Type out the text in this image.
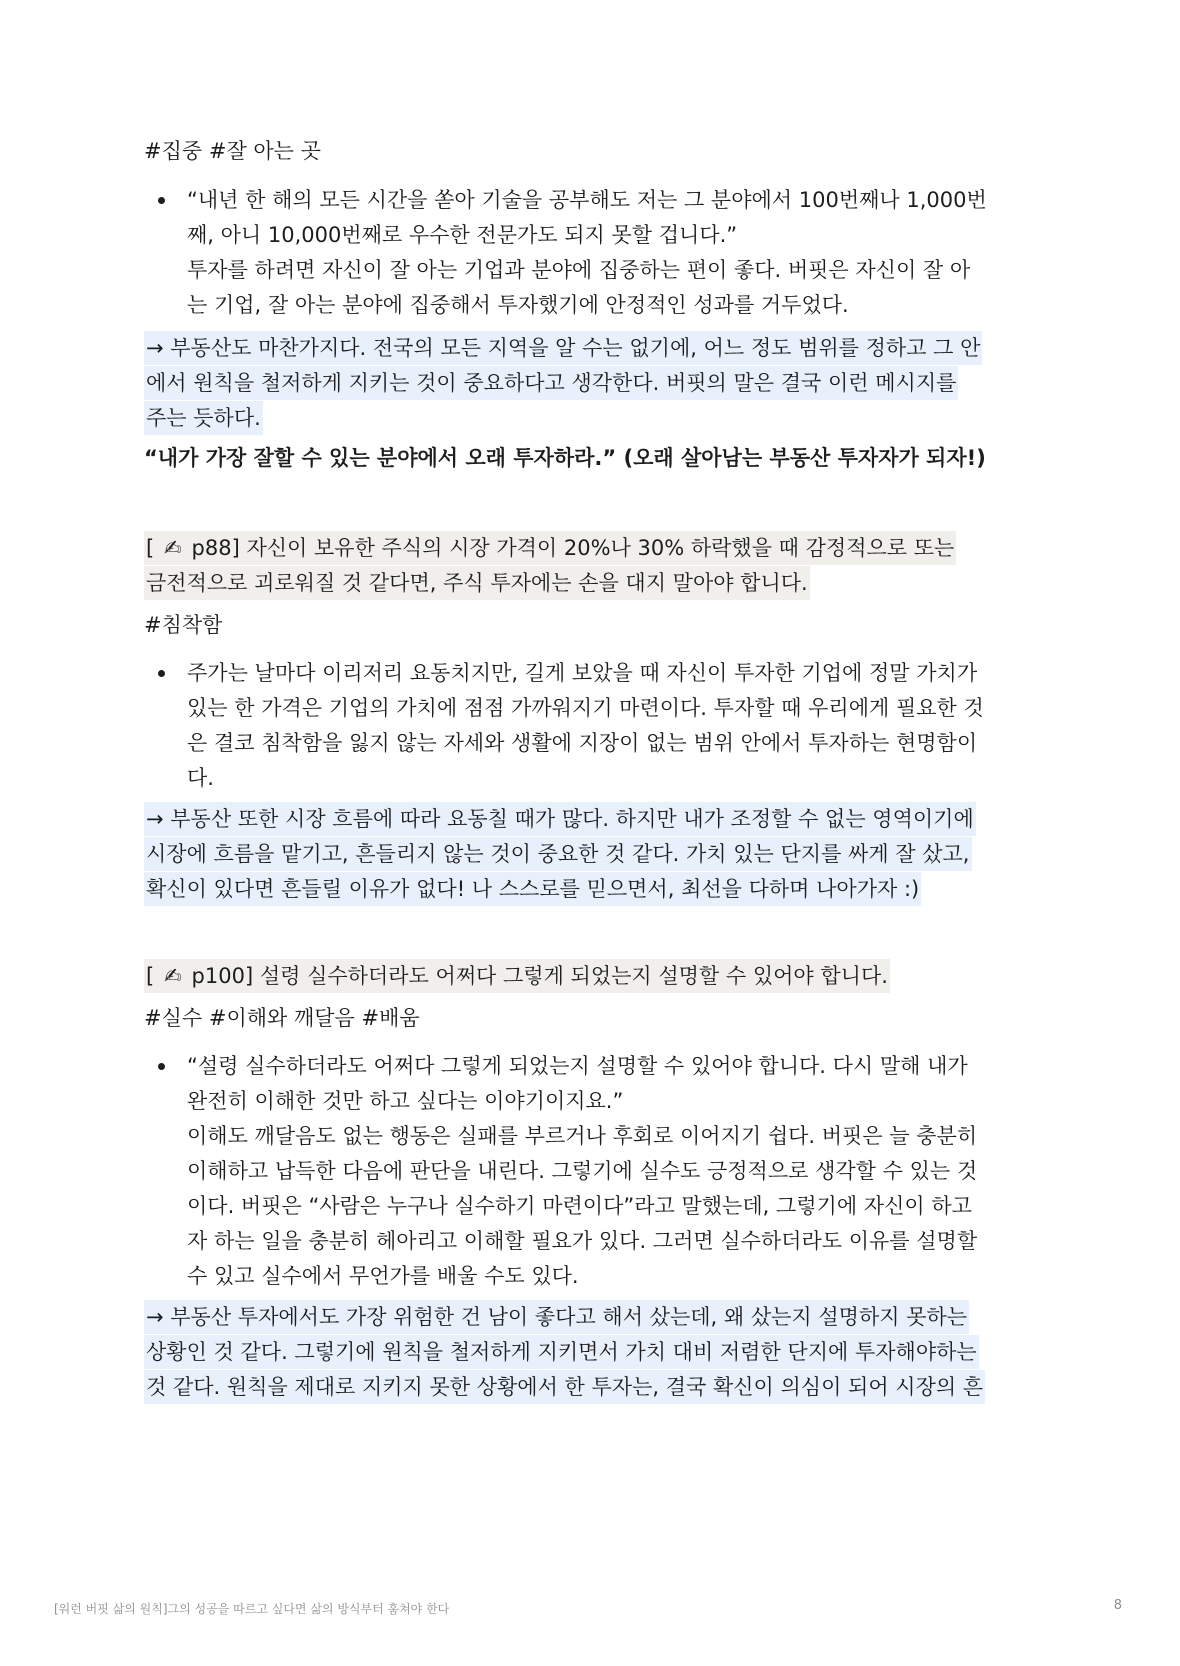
#집중 #잘 아는 곳
“내년 한 해의 모든 시간을 쏟아 기술을 공부해도 저는 그 분야에서 100번째나 1,000번
째, 아니 10,000번째로 우수한 전문가도 되지 못할 겁니다.”
투자를 하려면 자신이 잘 아는 기업과 분야에 집중하는 편이 좋다. 버핏은 자신이 잘 아
는 기업, 잘 아는 분야에 집중해서 투자했기에 안정적인 성과를 거두었다.
→ 부동산도 마찬가지다. 전국의 모든 지역을 알 수는 없기에, 어느 정도 범위를 정하고 그 안
에서 원칙을 철저하게 지키는 것이 중요하다고 생각한다. 버핏의 말은 결국 이런 메시지를
주는 듯하다.
“내가 가장 잘할 수 있는 분야에서 오래 투자하라.” (오래 살아남는 부동산 투자자가 되자!)
[ ✍ p88] 자신이 보유한 주식의 시장 가격이 20%나 30% 하락했을 때 감정적으로 또는
금전적으로 괴로워질 것 같다면, 주식 투자에는 손을 대지 말아야 합니다.
#침착함
주가는 날마다 이리저리 요동치지만, 길게 보았을 때 자신이 투자한 기업에 정말 가치가
있는 한 가격은 기업의 가치에 점점 가까워지기 마련이다. 투자할 때 우리에게 필요한 것
은 결코 침착함을 잃지 않는 자세와 생활에 지장이 없는 범위 안에서 투자하는 현명함이
다.
→ 부동산 또한 시장 흐름에 따라 요동칠 때가 많다. 하지만 내가 조정할 수 없는 영역이기에
시장에 흐름을 맡기고, 흔들리지 않는 것이 중요한 것 같다. 가치 있는 단지를 싸게 잘 샀고,
확신이 있다면 흔들릴 이유가 없다! 나 스스로를 믿으면서, 최선을 다하며 나아가자 :)
[ ✍ p100] 설령 실수하더라도 어쩌다 그렇게 되었는지 설명할 수 있어야 합니다.
#실수 #이해와 깨달음 #배움
“설령 실수하더라도 어쩌다 그렇게 되었는지 설명할 수 있어야 합니다. 다시 말해 내가
완전히 이해한 것만 하고 싶다는 이야기이지요.”
이해도 깨달음도 없는 행동은 실패를 부르거나 후회로 이어지기 쉽다. 버핏은 늘 충분히
이해하고 납득한 다음에 판단을 내린다. 그렇기에 실수도 긍정적으로 생각할 수 있는 것
이다. 버핏은 “사람은 누구나 실수하기 마련이다”라고 말했는데, 그렇기에 자신이 하고
자 하는 일을 충분히 헤아리고 이해할 필요가 있다. 그러면 실수하더라도 이유를 설명할
수 있고 실수에서 무언가를 배울 수도 있다.
→ 부동산 투자에서도 가장 위험한 건 남이 좋다고 해서 샀는데, 왜 샀는지 설명하지 못하는
상황인 것 같다. 그렇기에 원칙을 철저하게 지키면서 가치 대비 저렴한 단지에 투자해야하는
것 같다. 원칙을 제대로 지키지 못한 상황에서 한 투자는, 결국 확신이 의심이 되어 시장의 흔
[워런 버핏 삶의 원칙]그의 성공을 따르고 싶다면 삶의 방식부터 훔쳐야 한다	8
